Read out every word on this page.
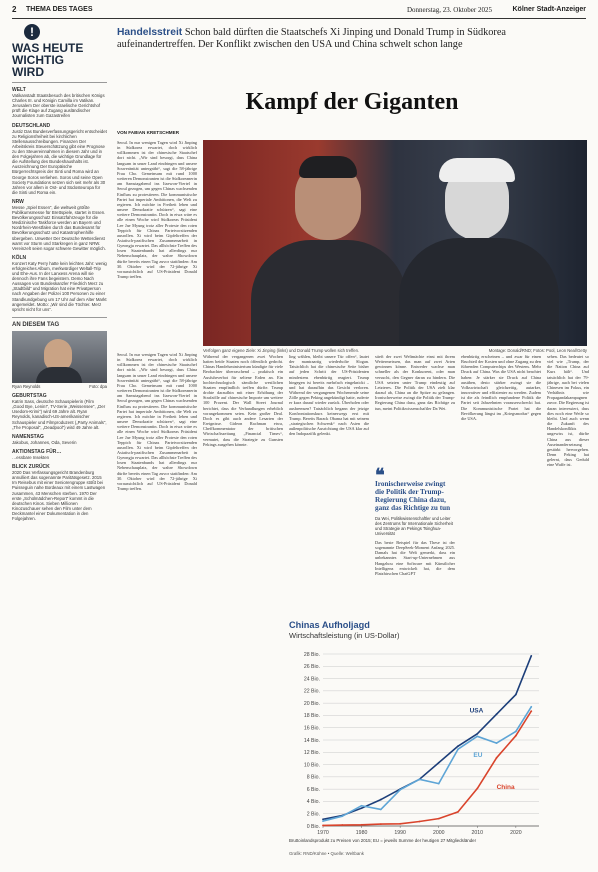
2 THEMA DES TAGES	Donnerstag, 23. Oktober 2025	Kölner Stadt-Anzeiger
!
WAS HEUTE
WICHTIG
WIRD
WELT

Vatikanstadt Staatsbesuch des britischen Königs Charles III. und Königin Camilla im Vatikan. Jerusalem Der oberste israelische Gerichtshof prüft die Klage auf Zugang ausländischer Journalisten zum Gazastreifen

DEUTSCHLAND

Justiz Das Bundesverfassungsgericht entscheidet zu Religionsfreiheit bei kirchlichen Stellenausschreibungen. Finanzen Der Arbeitskreis Steuerschätzung gibt eine Prognose zu den Steuereinnahmen in diesem Jahr und in den Folgejahren ab, die wichtige Grundlage für die Aufstellung des Bundeshaushalts ist. Auszeichnung Der Europäische Bürgerrechtspreis der Sinti und Roma wird an George Soros verliehen. Soros und seine Open Society Foundations setzen sich seit mehr als 30 Jahren vor allem in Ost- und Südosteuropa für die Sinti und Roma ein.

NRW

Messe „Spiel Essen“, die weltweit größte Publikumsmesse für Brettspiele, startet in Essen. Bevölkerungsschutz Einsatzfahrzeuge für die Medizinische Taskforce werden an Bayern und Nordrhein-Westfalen durch das Bundesamt für Bevölkerungsschutz und Katastrophenhilfe übergeben. Unwetter Der Deutsche Wetterdienst warnt vor Sturm und Starkregen in ganz NRW. Vereinzelt seien sogar schwere Gewitter möglich.

KÖLN

Konzert Katy Perry hatte kein leichtes Jahr: wenig erfolgreiches Album, merkwürdiger Weltall-Trip und Ehe-Aus. In der Lanxess Arena will sie dennoch ihre Fans begeistern. Demo Nach Aussagen von Bundeskanzler Friedrich Merz zu „Stadtbild“ und Migration hat eine Privatperson nach Angaben der Polizei 100 Personen zu einer Standkundgebung um 17 Uhr auf dem Alter Markt angemeldet. Motto: „Wir sind die Töchter. Merz spricht nicht für uns“.

AN DIESEM TAG
Ryan Reynolds	Foto: dpa
GEBURTSTAG

Katrin Sass, deutsche Schauspielerin (Film „Good Bye, Lenin!“, TV-Serie „Weissensee“, „Der Usedom-Krimi“) wird 69 Jahre alt. Ryan Reynolds, kanadisch-US-amerikanischer Schauspieler und Filmproduzent („Party Animals“, „The Proposal“, „Deadpool“) wird 49 Jahre alt.

NAMENSTAG

Jakobus, Johannes, Oda, Severin

AKTIONSTAG FÜR…

…essbare Insekten

BLICK ZURÜCK

2020 Das Verfassungsgericht Brandenburg annulliert das sogenannte Paritätsgesetz. 2015 Im Reisebus mit einer Seniorengruppe stößt bei Puisseguin nahe Bordeaux mit einem Lastwagen zusammen, 43 Menschen sterben. 1970 Der erste „Schülmädchen-Report“ kommt in die deutschen Kinos. Sieben Millionen Kinozuschauer sehen den Film unter dem Deckmantel einer Dokumentation in den Folgejahren.

Handelsstreit Schon bald dürften die Staatschefs Xi Jinping und Donald Trump in Südkorea aufeinandertreffen. Der Konflikt zwischen den USA und China schwelt schon lange
Kampf der Giganten
VON FABIAN KRETSCHMER
Seoul. In nur wenigen Tagen wird Xi Jinping in Südkorea erwartet, doch wirklich willkommen ist der chinesische Staatschef dort nicht. „Wir sind besorgt, dass China langsam in unser Land eindringen und unsere Souveränität untergräbt“, sagt die 58-jährige Frau Cho. Gemeinsam mit rund 1000 weiteren Demonstranten ist die Südkoreanerin am Samstagabend ins Itaewon-Viertel in Seoul gezogen, um gegen Chinas wachsenden Einfluss zu protestieren. Die kommunistische Partei hat imperiale Ambitionen, die Welt zu regieren. Ich möchte in Freiheit leben und unsere Demokratie schützen“, sagt eine weitere Demonstrantin. Doch in etwa wäre es alle einen Woche wird Südkoreas Präsident Lee Jae Myung trotz aller Proteste den roten Teppich für Chinas Parteivorsitzenden ausrollen. Xi wird beim Gipfeltreffen der Asiatisch-pazifischen Zusammenarbeit in Gyeongju erwartet. Das allhöchste Treffen des losen Staatenbunds hat allerdings nur Nebenschauplatz, der wahre Showdown dürfte bereits einen Tag zuvor stattfinden: Am 30. Oktober wird der 72-jährige Xi voraussichtlich auf US-Präsident Donald Trump treffen.
Verfolgen ganz eigene Ziele: Xi Jinping (links) und Donald Trump wollen sich treffen.	Montage: Donald/RND; Fotos: Pool, Leon Neal/Getty
Seoul. In nur wenigen Tagen wird Xi Jinping in Südkorea erwartet, doch wirklich willkommen ist der chinesische Staatschef dort nicht. „Wir sind besorgt, dass China langsam in unser Land eindringen und unsere Souveränität untergräbt“, sagt die 58-jährige Frau Cho. Gemeinsam mit rund 1000 weiteren Demonstranten ist die Südkoreanerin am Samstagabend ins Itaewon-Viertel in Seoul gezogen, um gegen Chinas wachsenden Einfluss zu protestieren. Die kommunistische Partei hat imperiale Ambitionen, die Welt zu regieren. Ich möchte in Freiheit leben und unsere Demokratie schützen“, sagt eine weitere Demonstrantin. Doch in etwa wäre es alle einen Woche wird Südkoreas Präsident Lee Jae Myung trotz aller Proteste den roten Teppich für Chinas Parteivorsitzenden ausrollen. Xi wird beim Gipfeltreffen der Asiatisch-pazifischen Zusammenarbeit in Gyeongju erwartet. Das allhöchste Treffen des losen Staatenbunds hat allerdings nur Nebenschauplatz, der wahre Showdown dürfte bereits einen Tag zuvor stattfinden: Am 30. Oktober wird der 72-jährige Xi voraussichtlich auf US-Präsident Donald Trump treffen.
Während der vergangenen zwei Wochen hatten beide Staaten noch öffentlich gedroht. Chinas Handelsministerium kündigte für viele Beobachter überraschend – praktisch ein Ausfuhrverbot für seltene Erden an. Ein hochtechnologisch sämtliche westlichen Staaten empfindlich treffen dürfte. Trump drohte daraufhin mit einer Erhöhung der Strafzölle auf chinesische Importe um weitere 100 Prozent. Der Wall Street Journal berichtet, dass die Verhandlungen erheblich vorangekommen seien. Kein großer Deal. Doch es gibt auch andere Lesarten der Ereignisse. Gideon Rachman etwa, Cheffkommentator der britischen Wirtschaftszeitung „Financial Times“, vermutet, dass die Strategie zu Gunsten Pekings ausgehen könnte.
ling wählen, bleibt unsere Tür offen“, lautet der mantraartig wiederholte Slogan. Tatsächlich hat die chinesische Seite bisher auf jeden Schritt der US-Präsidenten mindestens ebenbürtig reagiert. Trump hingegen ist bereits mehrfach eingeknickt – und hat daraufhin das Gesicht verloren. Während der vergangenen Wochenende seine Zölle gegen Peking angekündigt hatte, ruderte er kurz darauf wieder zurück. Überholen oder ausbremsen? Tatsächlich begann der jetzige Konfrontationskurs keineswegs erst mit Trump. Bereits Barack Obama hat mit seinem „strategischen Schwenk“ nach Asien die außenpolitische Ausrichtung der USA klar auf den Indopazifik gelenkt.
stieft der zwei Weltmächte einst mit ihrem Weitermeissen, das man auf zwei Arten gewinnen könne. Entweder wachse man schneller als der Konkurrent, oder man versucht, den Gegner daran zu hindern. Die USA setzten unter Trump eindeutig auf Letzteres. Die Politik der USA zielt klar darauf ab, China an die Spitze zu gelangen. Ironischerweise zwingt die Politik der Trump-Regierung China dazu, ganz das Richtige zu tun, meint Politikwissenschaftler Da Wei.
ebenbürtig erscheinen – und zwar für einen Bruchteil der Kosten und ohne Zugang zu den führenden Computerchips des Westens. Mehr Druck auf China. Was die USA nicht beachtet haben: Je stärker sie Druck auf China ausüben, desto stärker zwingt sie die Volkswirtschaft gleichzeitig, autarker, innovativer und effizienter zu werden. Zudem ist die als feindlich empfundene Politik die Partei seit Jahrzehnten vorauserschreckt hat. Die Kommunistische Partei hat die Bevölkerung längst im „Kriegsmodus“ gegen die USA.
sehen. Das bedeutet so viel wie „Trump, der die Nation China auf Kurs hält“. Und tatsächlich hat der 79-jährige, auch bei vielen Chinesen im Fokus, ein Verhältnis wie Propagandakampagnen zuvor. Die Regierung ist daran interessiert, dass dies noch eine Weile so bleibt. Und auch wenn die Zukunft des Handelskonflikts ungewiss ist, dürfte China aus dieser Auseinandersetzung gestärkt hervorgehen. Denn Peking hat gelernt, dass Geduld eine Waffe ist.
❝
Ironischerweise zwingt die Politik der Trump-Regierung China dazu, ganz das Richtige zu tun
Da Wei, Politikwissenschaftler und Leiter des Zentrums für Internationale Sicherheit und Strategie an Pekings Tsinghua-Universität
Das beste Beispiel für das These ist der sogenannte DeepSeek-Moment Anfang 2025. Damals hat die Welt gemerkt, dass ein unbekanntes Start-up-Unternehmen aus Hangzhou eine Software mit Künstlicher Intelligenz entwickelt hat, die dem Platzhirschen ChatGPT
Chinas Aufholjagd
Wirtschaftsleistung (in US-Dollar)
0 Bio.
2 Bio.
4 Bio.
6 Bio.
8 Bio.
10 Bio.
12 Bio.
14 Bio.
16 Bio.
18 Bio.
20 Bio.
22 Bio.
24 Bio.
26 Bio.
28 Bio.
1970	1980	1990	2000	2010	2020
USA
EU
China
Bruttoinlandsprodukt zu Preisen von 2015; EU = jeweils Summe der heutigen 27 Mitgliedsländer
Grafik: RND/Kühne • Quelle: Weltbank
